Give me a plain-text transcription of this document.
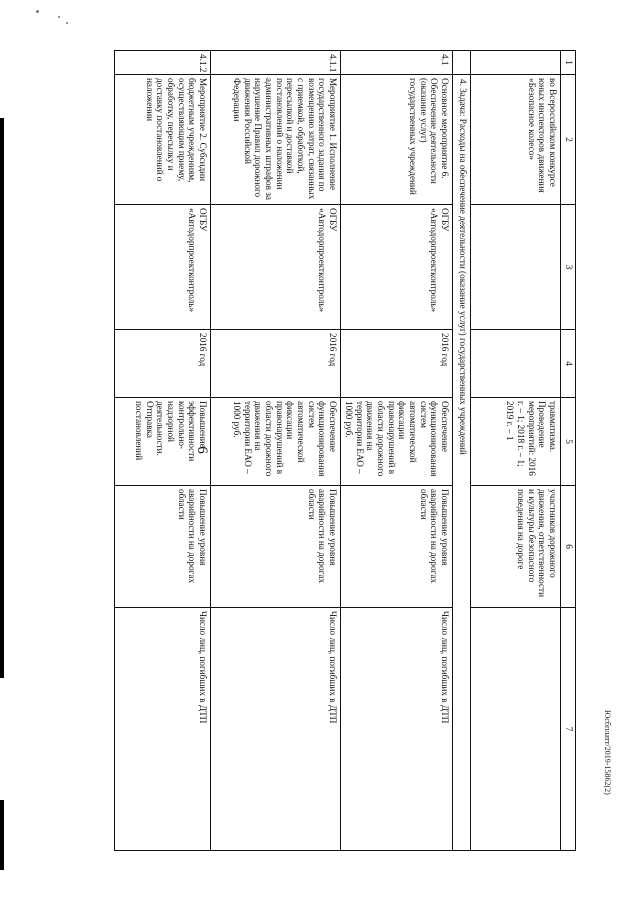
6
Юсбплатт/2019-15862(2)
1	2	3	4	5	6	7
	во Всероссийском конкурсе юных инспекторов движения «Безопасное колесо»			травматизма. Проведение мероприятий: 2016 г. – 1; 2018 г. – 1; 2019 г. – 1	участников дорожного движения, ответственности и культуры безопасного поведения на дороге	
	4. Задача: Расходы на обеспечение деятельности (оказание услуг) государственных учреждений					
4.1	Основное мероприятие 6. Обеспечение деятельности (оказание услуг) государственных учреждений	ОГБУ «Автодорпроектконтроль»	2016 год	Обеспечение функционирования систем автоматической фиксации правонарушений в области дорожного движения на территории ЕАО – 1000 руб.	Повышение уровня аварийности на дорогах области	Число лиц, погибших в ДТП
4.1.1	Мероприятие 1. Исполнение государственного задания по возмещению затрат, связанных с приемкой, обработкой, пересылкой и доставкой постановлений о наложении административных штрафов за нарушение Правил дорожного движения Российской Федерации	ОГБУ «Автодорпроектконтроль»	2016 год	Обеспечение функционирования систем автоматической фиксации правонарушений в области дорожного движения на территории ЕАО – 1000 руб.	Повышение уровня аварийности на дорогах области	Число лиц, погибших в ДТП
4.1.2	Мероприятие 2. Субсидии бюджетным учреждениям, осуществляющим приему, обработку, пересылку и доставку постановлений о наложении	ОГБУ «Автодорпроектконтроль»	2016 год	Повышение эффективности контрольно-надзорной деятельности. Отправка постановлений	Повышение уровня аварийности на дорогах области	Число лиц, погибших в ДТП
